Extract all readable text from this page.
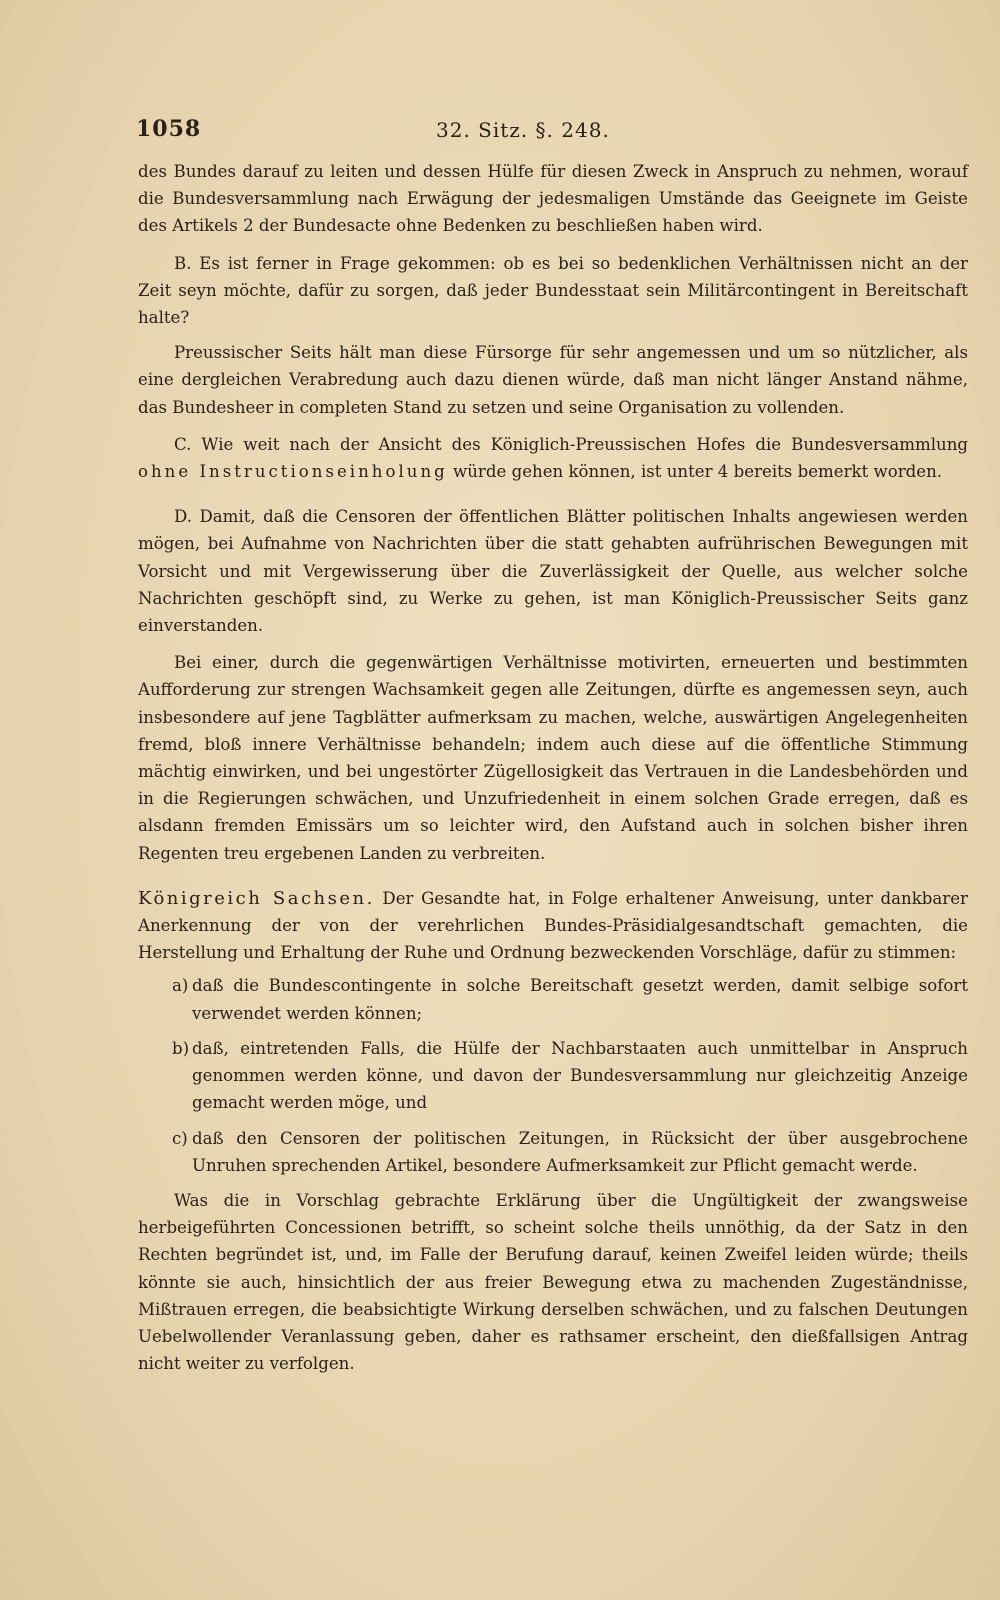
1058	32. Sitz. §. 248.

des Bundes darauf zu leiten und dessen Hülfe für diesen Zweck in Anspruch zu nehmen, worauf die Bundesversammlung nach Erwägung der jedesmaligen Umstände das Geeignete im Geiste des Artikels 2 der Bundesacte ohne Bedenken zu beschließen haben wird.

B. Es ist ferner in Frage gekommen: ob es bei so bedenklichen Verhältnissen nicht an der Zeit seyn möchte, dafür zu sorgen, daß jeder Bundesstaat sein Militärcontingent in Bereitschaft halte?

Preussischer Seits hält man diese Fürsorge für sehr angemessen und um so nützlicher, als eine dergleichen Verabredung auch dazu dienen würde, daß man nicht länger Anstand nähme, das Bundesheer in completen Stand zu setzen und seine Organisation zu vollenden.

C. Wie weit nach der Ansicht des Königlich-Preussischen Hofes die Bundesversammlung ohne Instructionseinholung würde gehen können, ist unter 4 bereits bemerkt worden.

D. Damit, daß die Censoren der öffentlichen Blätter politischen Inhalts angewiesen werden mögen, bei Aufnahme von Nachrichten über die statt gehabten aufrührischen Bewegungen mit Vorsicht und mit Vergewisserung über die Zuverlässigkeit der Quelle, aus welcher solche Nachrichten geschöpft sind, zu Werke zu gehen, ist man Königlich-Preussischer Seits ganz einverstanden.

Bei einer, durch die gegenwärtigen Verhältnisse motivirten, erneuerten und bestimmten Aufforderung zur strengen Wachsamkeit gegen alle Zeitungen, dürfte es angemessen seyn, auch insbesondere auf jene Tagblätter aufmerksam zu machen, welche, auswärtigen Angelegenheiten fremd, bloß innere Verhältnisse behandeln; indem auch diese auf die öffentliche Stimmung mächtig einwirken, und bei ungestörter Zügellosigkeit das Vertrauen in die Landesbehörden und in die Regierungen schwächen, und Unzufriedenheit in einem solchen Grade erregen, daß es alsdann fremden Emissärs um so leichter wird, den Aufstand auch in solchen bisher ihren Regenten treu ergebenen Landen zu verbreiten.

Königreich Sachsen. Der Gesandte hat, in Folge erhaltener Anweisung, unter dankbarer Anerkennung der von der verehrlichen Bundes-Präsidialgesandtschaft gemachten, die Herstellung und Erhaltung der Ruhe und Ordnung bezweckenden Vorschläge, dafür zu stimmen:

a) daß die Bundescontingente in solche Bereitschaft gesetzt werden, damit selbige sofort verwendet werden können;
b) daß, eintretenden Falls, die Hülfe der Nachbarstaaten auch unmittelbar in Anspruch genommen werden könne, und davon der Bundesversammlung nur gleichzeitig Anzeige gemacht werden möge, und
c) daß den Censoren der politischen Zeitungen, in Rücksicht der über ausgebrochene Unruhen sprechenden Artikel, besondere Aufmerksamkeit zur Pflicht gemacht werde.

Was die in Vorschlag gebrachte Erklärung über die Ungültigkeit der zwangsweise herbeigeführten Concessionen betrifft, so scheint solche theils unnöthig, da der Satz in den Rechten begründet ist, und, im Falle der Berufung darauf, keinen Zweifel leiden würde; theils könnte sie auch, hinsichtlich der aus freier Bewegung etwa zu machenden Zugeständnisse, Mißtrauen erregen, die beabsichtigte Wirkung derselben schwächen, und zu falschen Deutungen Uebelwollender Veranlassung geben, daher es rathsamer erscheint, den dießfallsigen Antrag nicht weiter zu verfolgen.
